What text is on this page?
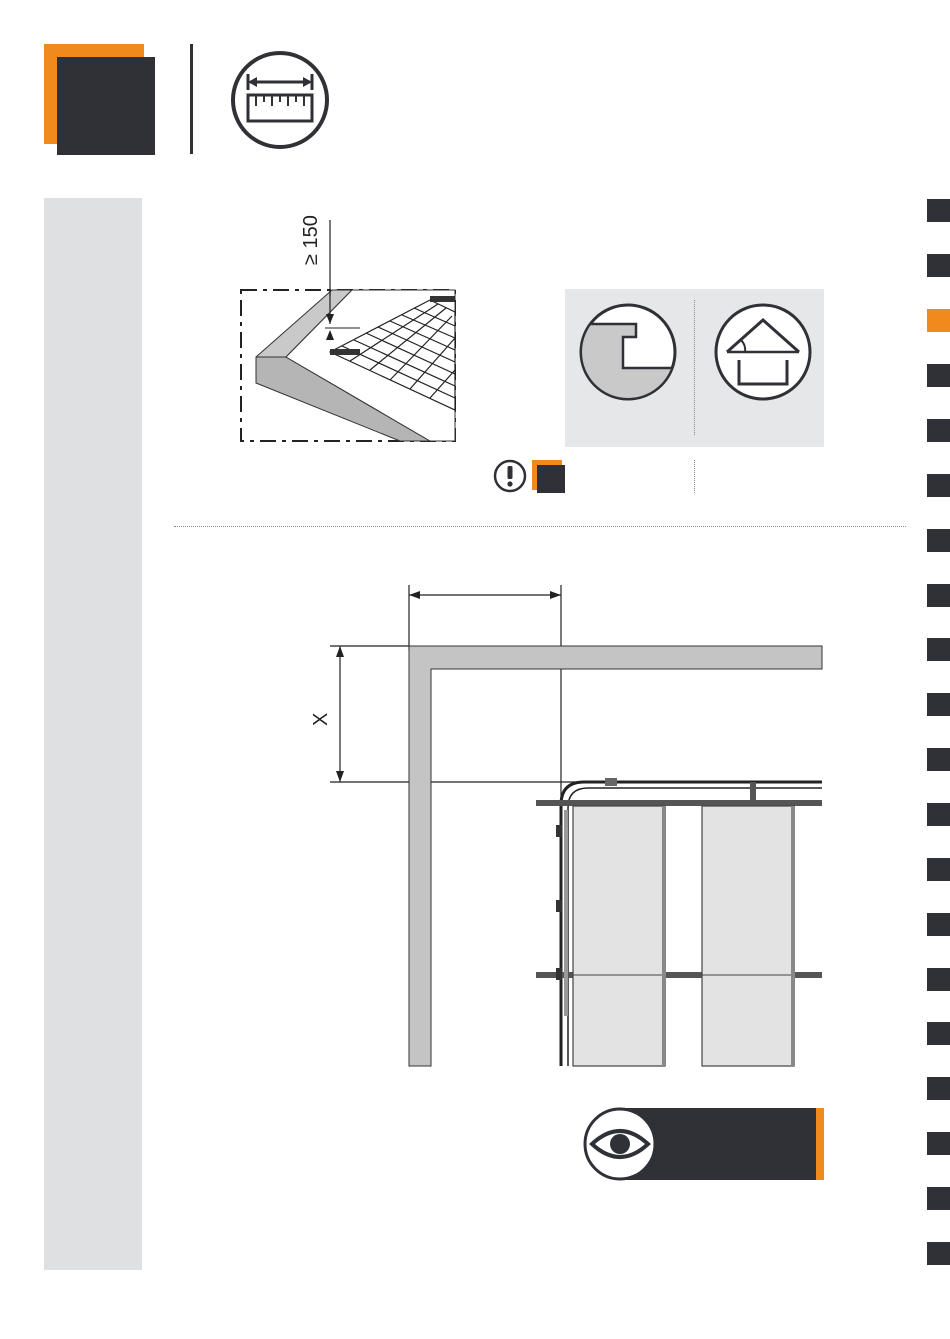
≥ 150
X
